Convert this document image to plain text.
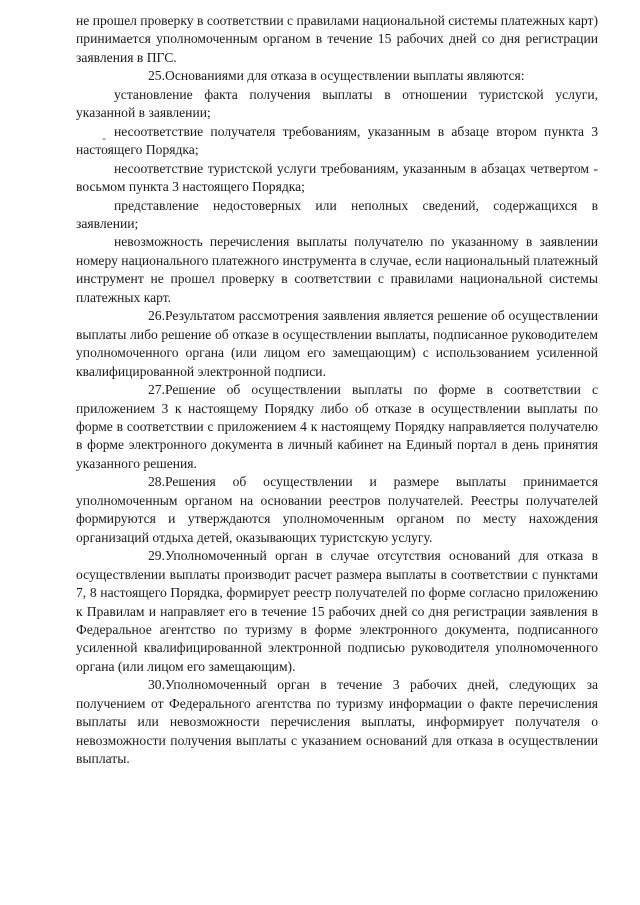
-

не прошел проверку в соответствии с правилами национальной системы платежных карт) принимается уполномоченным органом в течение 15 рабочих дней со дня регистрации заявления в ПГС.

25.Основаниями для отказа в осуществлении выплаты являются:

установление факта получения выплаты в отношении туристской услуги, указанной в заявлении;

несоответствие получателя требованиям, указанным в абзаце втором пункта 3 настоящего Порядка;

несоответствие туристской услуги требованиям, указанным в абзацах четвертом - восьмом пункта 3 настоящего Порядка;

представление недостоверных или неполных сведений, содержащихся в заявлении;

невозможность перечисления выплаты получателю по указанному в заявлении номеру национального платежного инструмента в случае, если национальный платежный инструмент не прошел проверку в соответствии с правилами национальной системы платежных карт.

26.Результатом рассмотрения заявления является решение об осуществлении выплаты либо решение об отказе в осуществлении выплаты, подписанное руководителем уполномоченного органа (или лицом его замещающим) с использованием усиленной квалифицированной электронной подписи.

27.Решение об осуществлении выплаты по форме в соответствии с приложением 3 к настоящему Порядку либо об отказе в осуществлении выплаты по форме в соответствии с приложением 4 к настоящему Порядку направляется получателю в форме электронного документа в личный кабинет на Единый портал в день принятия указанного решения.

28.Решения об осуществлении и размере выплаты принимается уполномоченным органом на основании реестров получателей. Реестры получателей формируются и утверждаются уполномоченным органом по месту нахождения организаций отдыха детей, оказывающих туристскую услугу.

29.Уполномоченный орган в случае отсутствия оснований для отказа в осуществлении выплаты производит расчет размера выплаты в соответствии с пунктами 7, 8 настоящего Порядка, формирует реестр получателей по форме согласно приложению к Правилам и направляет его в течение 15 рабочих дней со дня регистрации заявления в Федеральное агентство по туризму в форме электронного документа, подписанного усиленной квалифицированной электронной подписью руководителя уполномоченного органа (или лицом его замещающим).

30.Уполномоченный орган в течение 3 рабочих дней, следующих за получением от Федерального агентства по туризму информации о факте перечисления выплаты или невозможности перечисления выплаты, информирует получателя о невозможности получения выплаты с указанием оснований для отказа в осуществлении выплаты.
